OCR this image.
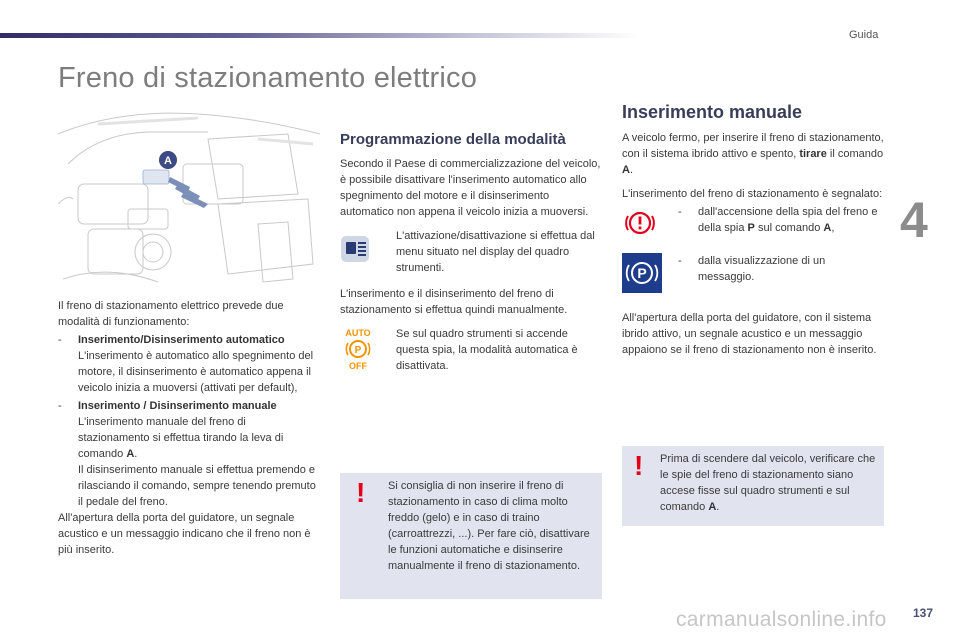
Guida
4
Freno di stazionamento elettrico
A

Il freno di stazionamento elettrico prevede due modalità di funzionamento:

-	Inserimento/Disinserimento automatico
L'inserimento è automatico allo spegnimento del motore, il disinserimento è automatico appena il veicolo inizia a muoversi (attivati per default),
-	Inserimento / Disinserimento manuale
L'inserimento manuale del freno di stazionamento si effettua tirando la leva di comando A.
Il disinserimento manuale si effettua premendo e rilasciando il comando, sempre tenendo premuto il pedale del freno.

All'apertura della porta del guidatore, un segnale acustico e un messaggio indicano che il freno non è più inserito.

Programmazione della modalità

Secondo il Paese di commercializzazione del veicolo, è possibile disattivare l'inserimento automatico allo spegnimento del motore e il disinserimento automatico non appena il veicolo inizia a muoversi.

L'attivazione/disattivazione si effettua dal menu situato nel display del quadro strumenti.

L'inserimento e il disinserimento del freno di stazionamento si effettua quindi manualmente.

AUTO
P
OFF
Se sul quadro strumenti si accende questa spia, la modalità automatica è disattivata.
! Si consiglia di non inserire il freno di stazionamento in caso di clima molto freddo (gelo) e in caso di traino (carroattrezzi, ...). Per fare ciò, disattivare le funzioni automatiche e disinserire manualmente il freno di stazionamento.
Inserimento manuale

A veicolo fermo, per inserire il freno di stazionamento, con il sistema ibrido attivo e spento, tirare il comando A.

L'inserimento del freno di stazionamento è segnalato:

-	dall'accensione della spia del freno e della spia P sul comando A,
P
-	dalla visualizzazione di un messaggio.

All'apertura della porta del guidatore, con il sistema ibrido attivo, un segnale acustico e un messaggio appaiono se il freno di stazionamento non è inserito.

! Prima di scendere dal veicolo, verificare che le spie del freno di stazionamento siano accese fisse sul quadro strumenti e sul comando A.
carmanualsonline.info 137
